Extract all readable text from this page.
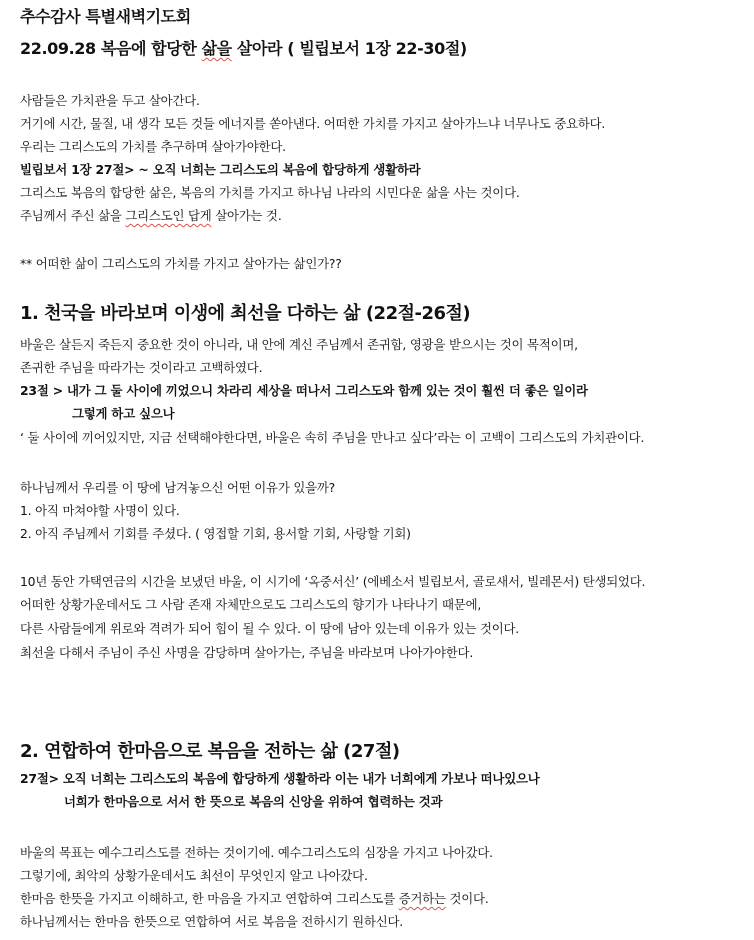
추수감사 특별새벽기도회
22.09.28 복음에 합당한 삶을 살아라 ( 빌립보서 1장 22-30절)
사람들은 가치관을 두고 살아간다.
거기에 시간, 물질, 내 생각 모든 것들 에너지를 쏟아낸다. 어떠한 가치를 가지고 살아가느냐 너무나도 중요하다.
우리는 그리스도의 가치를 추구하며 살아가야한다.
빌립보서 1장 27절> ~ 오직 너희는 그리스도의 복음에 합당하게 생활하라
그리스도 복음의 합당한 삶은, 복음의 가치를 가지고 하나님 나라의 시민다운 삶을 사는 것이다.
주님께서 주신 삶을 그리스도인 답게 살아가는 것.
** 어떠한 삶이 그리스도의 가치를 가지고 살아가는 삶인가??
1. 천국을 바라보며 이생에 최선을 다하는 삶 (22절-26절)
바울은 살든지 죽든지 중요한 것이 아니라, 내 안에 계신 주님께서 존귀함, 영광을 받으시는 것이 목적이며,
존귀한 주님을 따라가는 것이라고 고백하였다.
23절 > 내가 그 둘 사이에 끼었으니 차라리 세상을 떠나서 그리스도와 함께 있는 것이 훨씬 더 좋은 일이라
그렇게 하고 싶으나
‘ 둘 사이에 끼어있지만, 지금 선택해야한다면, 바울은 속히 주님을 만나고 싶다’라는 이 고백이 그리스도의 가치관이다.
하나님께서 우리를 이 땅에 남겨놓으신 어떤 이유가 있을까?
1. 아직 마쳐야할 사명이 있다.
2. 아직 주님께서 기회를 주셨다. ( 영접할 기회, 용서할 기회, 사랑할 기회)
10년 동안 가택연금의 시간을 보냈던 바울, 이 시기에 ‘옥중서신’ (에베소서 빌립보서, 골로새서, 빌레몬서) 탄생되었다.
어떠한 상황가운데서도 그 사람 존재 자체만으로도 그리스도의 향기가 나타나기 때문에,
다른 사람들에게 위로와 격려가 되어 힘이 될 수 있다. 이 땅에 남아 있는데 이유가 있는 것이다.
최선을 다해서 주님이 주신 사명을 감당하며 살아가는, 주님을 바라보며 나아가야한다.
2. 연합하여 한마음으로 복음을 전하는 삶 (27절)
27절> 오직 너희는 그리스도의 복음에 합당하게 생활하라 이는 내가 너희에게 가보나 떠나있으나
너희가 한마음으로 서서 한 뜻으로 복음의 신앙을 위하여 협력하는 것과
바울의 목표는 예수그리스도를 전하는 것이기에. 예수그리스도의 심장을 가지고 나아갔다.
그렇기에, 최악의 상황가운데서도 최선이 무엇인지 알고 나아갔다.
한마음 한뜻을 가지고 이해하고, 한 마음을 가지고 연합하여 그리스도를 증거하는 것이다.
하나님께서는 한마음 한뜻으로 연합하여 서로 복음을 전하시기 원하신다.
